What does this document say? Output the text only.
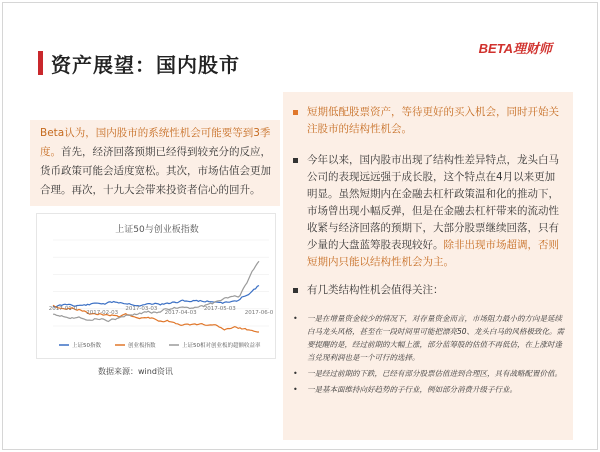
资产展望：国内股市
BETA理财师
Beta认为，国内股市的系统性机会可能要等到3季度。首先，经济回落预期已经得到较充分的反应，货币政策可能会适度宽松。其次，市场估值会更加合理。再次，十九大会带来投资者信心的回升。
上证50与创业板指数
2017-01-0
2017-02-03
2017-03-03
2017-04-03
2017-05-03
2017-06-0
上证50指数	创业板指数	上证50相对创业板的超额收益率
数据来源：wind资讯
短期低配股票资产，等待更好的买入机会，同时开始关注股市的结构性机会。
今年以来，国内股市出现了结构性差异特点，龙头白马公司的表现远远强于成长股，这个特点在4月以来更加明显。虽然短期内在金融去杠杆政策温和化的推动下，市场曾出现小幅反弹，但是在金融去杠杆带来的流动性收紧与经济回落的预期下，大部分股票继续回落，只有少量的大盘蓝筹股表现较好。除非出现市场超调，否则短期内只能以结构性机会为主。
有几类结构性机会值得关注：
•	一是在增量资金较少的情况下，对存量资金而言，市场阻力最小的方向是延续白马龙头风格，甚至在一段时间里可能把漂亮50、龙头白马的风格极致化。需要提醒的是，经过前期的大幅上涨，部分蓝筹股的估值不再低估，在上涨时逢当兑现利润也是一个可行的选择。
•	一是经过前期的下跌，已经有部分股票估值进到合理区，具有战略配置价值。
•	一是基本面维持向好趋势的子行业，例如部分消费升级子行业。
